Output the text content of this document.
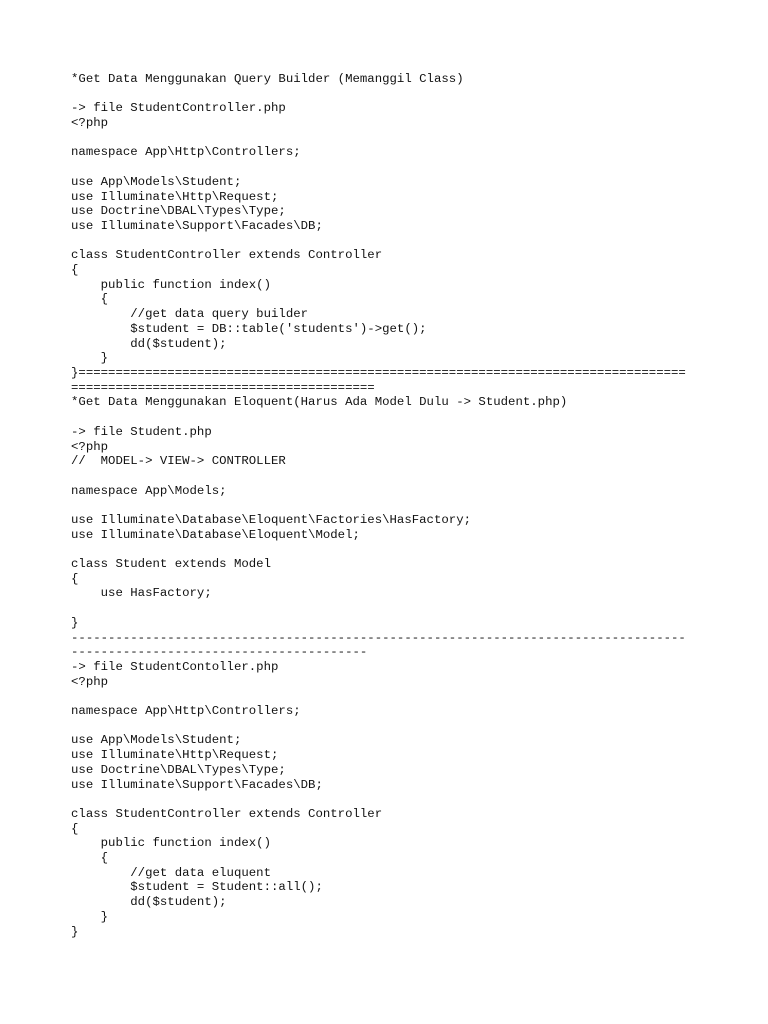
*Get Data Menggunakan Query Builder (Memanggil Class)
-> file StudentController.php
<?php
namespace App\Http\Controllers;
use App\Models\Student;
use Illuminate\Http\Request;
use Doctrine\DBAL\Types\Type;
use Illuminate\Support\Facades\DB;
class StudentController extends Controller
{
public function index()
{
//get data query builder
$student = DB::table('students')->get();
dd($student);
}
}==================================================================================
=========================================
*Get Data Menggunakan Eloquent(Harus Ada Model Dulu -> Student.php)
-> file Student.php
<?php
//  MODEL-> VIEW-> CONTROLLER
namespace App\Models;
use Illuminate\Database\Eloquent\Factories\HasFactory;
use Illuminate\Database\Eloquent\Model;
class Student extends Model
{
use HasFactory;
}
-----------------------------------------------------------------------------------
----------------------------------------
-> file StudentContoller.php
<?php
namespace App\Http\Controllers;
use App\Models\Student;
use Illuminate\Http\Request;
use Doctrine\DBAL\Types\Type;
use Illuminate\Support\Facades\DB;
class StudentController extends Controller
{
public function index()
{
//get data eluquent
$student = Student::all();
dd($student);
}
}
